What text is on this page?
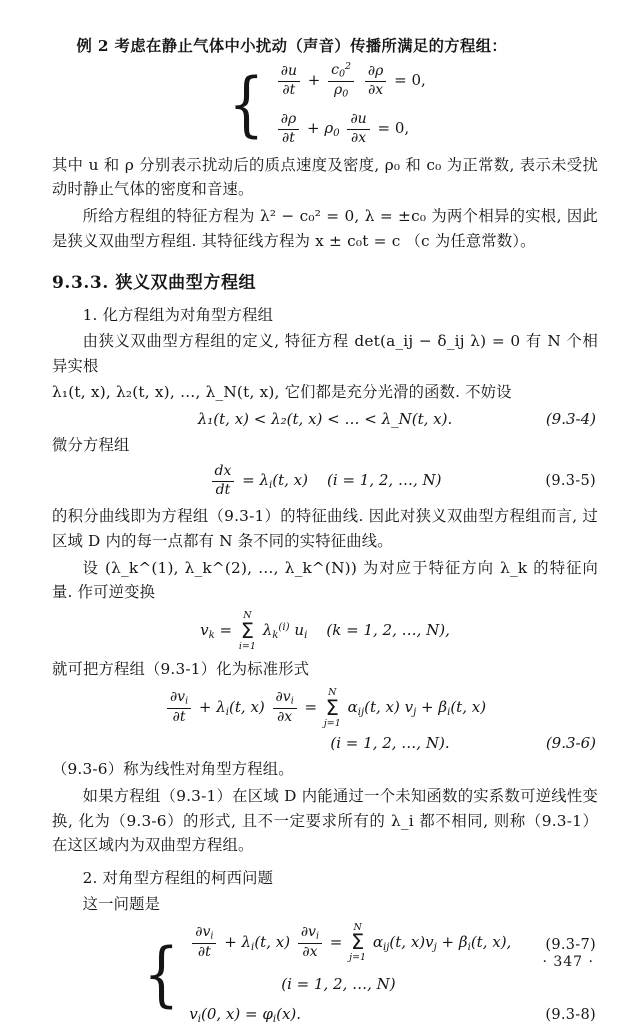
例 2 考虑在静止气体中小扰动（声音）传播所满足的方程组：
{ $\frac{\partial u}{\partial t} + \frac{c_0^2}{\rho_0}$
$\frac{\partial\rho}{\partial x} = 0$,
$\frac{\partial\rho}{\partial t} + \rho_0 \frac{\partial u}{\partial x} = 0$,

其中 u 和 ρ 分别表示扰动后的质点速度及密度, ρ₀ 和 c₀ 为正常数, 表示未受扰动时静止气体的密度和音速。

所给方程组的特征方程为 λ² − c₀² = 0, λ = ±c₀ 为两个相异的实根, 因此是狭义双曲型方程组. 其特征线方程为 x ± c₀t = c （c 为任意常数）。

9.3.3. 狭义双曲型方程组
1. 化方程组为对角型方程组

由狭义双曲型方程组的定义, 特征方程 det(a_ij − δ_ij λ) = 0 有 N 个相异实根

λ₁(t, x), λ₂(t, x), …, λ_N(t, x), 它们都是充分光滑的函数. 不妨设

λ₁(t, x) < λ₂(t, x) < … < λ_N(t, x).	(9.3-4)

微分方程组

$\frac{dx}{dt} = \lambda_i(t$, x)    (i = 1, 2, …, N)	(9.3-5)

的积分曲线即为方程组（9.3-1）的特征曲线. 因此对狭义双曲型方程组而言, 过区域 D 内的每一点都有 N 条不同的实特征曲线。

设 (λ_k^(1), λ_k^(2), …, λ_k^(N)) 为对应于特征方向 λ_k 的特征向量. 作可逆变换

$v_k$ =
N
Σ
i=1
$\lambda_k^{(i)}$ $u_i$    (k = 1, 2, …, N),

就可把方程组（9.3-1）化为标准形式

$\frac{\partial v_i}{\partial t} + \lambda_i(t$, $x) \frac{\partial v_i}{\partial x}$ =
N
Σ
j=1
$\alpha_{ij}(t$, x) $v_j + \beta_i(t$, x)
(i = 1, 2, …, N).	(9.3-6)

（9.3-6）称为线性对角型方程组。

如果方程组（9.3-1）在区域 D 内能通过一个未知函数的实系数可逆线性变换, 化为（9.3-6）的形式, 且不一定要求所有的 λ_i 都不相同, 则称（9.3-1）在这区域内为双曲型方程组。

2. 对角型方程组的柯西问题

这一问题是

{ $\frac{\partial v_i}{\partial t} + \lambda_i(t$, $x) \frac{\partial v_i}{\partial x}$ =
N
Σ
j=1
$\alpha_{ij}(t$, $x)v_j + \beta_i(t$, x),
(i = 1, 2, …, N)
$v_i(0$, $x) = \varphi_i(x)$.
(9.3-7)
(9.3-8)
· 347 ·
